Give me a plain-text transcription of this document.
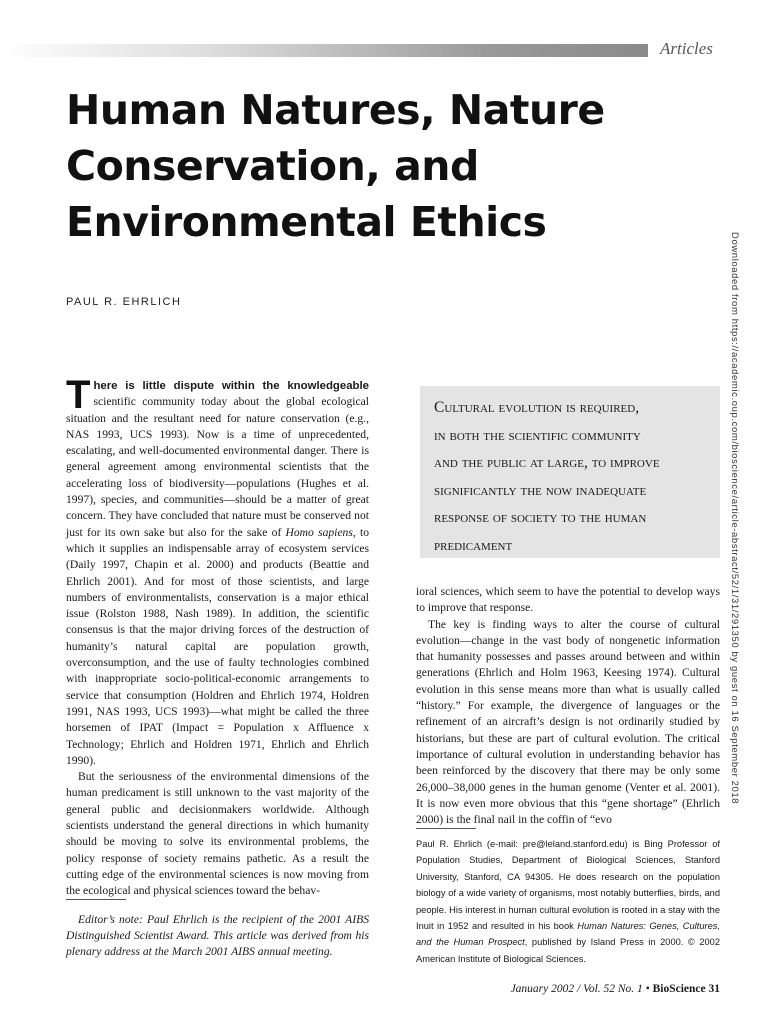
Articles
Human Natures, Nature
Conservation, and
Environmental Ethics
PAUL R. EHRLICH

There is little dispute within the knowledgeable scientific community today about the global ecological situation and the resultant need for nature conservation (e.g., NAS 1993, UCS 1993). Now is a time of unprecedented, escalating, and well-documented environmental danger. There is general agreement among environmental scientists that the accelerating loss of biodiversity—populations (Hughes et al. 1997), species, and communities—should be a matter of great concern. They have concluded that nature must be conserved not just for its own sake but also for the sake of Homo sapiens, to which it supplies an indispensable array of ecosystem services (Daily 1997, Chapin et al. 2000) and products (Beattie and Ehrlich 2001). And for most of those scientists, and large numbers of environmentalists, conservation is a major ethical issue (Rolston 1988, Nash 1989). In addition, the scientific consensus is that the major driving forces of the destruction of humanity’s natural capital are population growth, overconsumption, and the use of faulty technologies combined with inappropriate socio-political-economic arrangements to service that consumption (Holdren and Ehrlich 1974, Holdren 1991, NAS 1993, UCS 1993)—what might be called the three horsemen of IPAT (Impact = Population x Affluence x Technology; Ehrlich and Holdren 1971, Ehrlich and Ehrlich 1990).

But the seriousness of the environmental dimensions of the human predicament is still unknown to the vast majority of the general public and decisionmakers worldwide. Although scientists understand the general directions in which humanity should be moving to solve its environmental problems, the policy response of society remains pathetic. As a result the cutting edge of the environmental sciences is now moving from the ecological and physical sciences toward the behav-

Cultural evolution is required,
in both the scientific community
and the public at large, to improve
significantly the now inadequate
response of society to the human
predicament

ioral sciences, which seem to have the potential to develop ways to improve that response.

The key is finding ways to alter the course of cultural evolution—change in the vast body of nongenetic information that humanity possesses and passes around between and within generations (Ehrlich and Holm 1963, Keesing 1974). Cultural evolution in this sense means more than what is usually called “history.” For example, the divergence of languages or the refinement of an aircraft’s design is not ordinarily studied by historians, but these are part of cultural evolution. The critical importance of cultural evolution in understanding behavior has been reinforced by the discovery that there may be only some 26,000–38,000 genes in the human genome (Venter et al. 2001). It is now even more obvious that this “gene shortage” (Ehrlich 2000) is the final nail in the coffin of “evo

Editor’s note: Paul Ehrlich is the recipient of the 2001 AIBS Distinguished Scientist Award. This article was derived from his plenary address at the March 2001 AIBS annual meeting.
Paul R. Ehrlich (e-mail: pre@leland.stanford.edu) is Bing Professor of Population Studies, Department of Biological Sciences, Stanford University, Stanford, CA 94305. He does research on the population biology of a wide variety of organisms, most notably butterflies, birds, and people. His interest in human cultural evolution is rooted in a stay with the Inuit in 1952 and resulted in his book Human Natures: Genes, Cultures, and the Human Prospect, published by Island Press in 2000. © 2002 American Institute of Biological Sciences.
January 2002 / Vol. 52 No. 1 • BioScience 31
Downloaded from https://academic.oup.com/bioscience/article-abstract/52/1/31/291350 by guest on 16 September 2018
